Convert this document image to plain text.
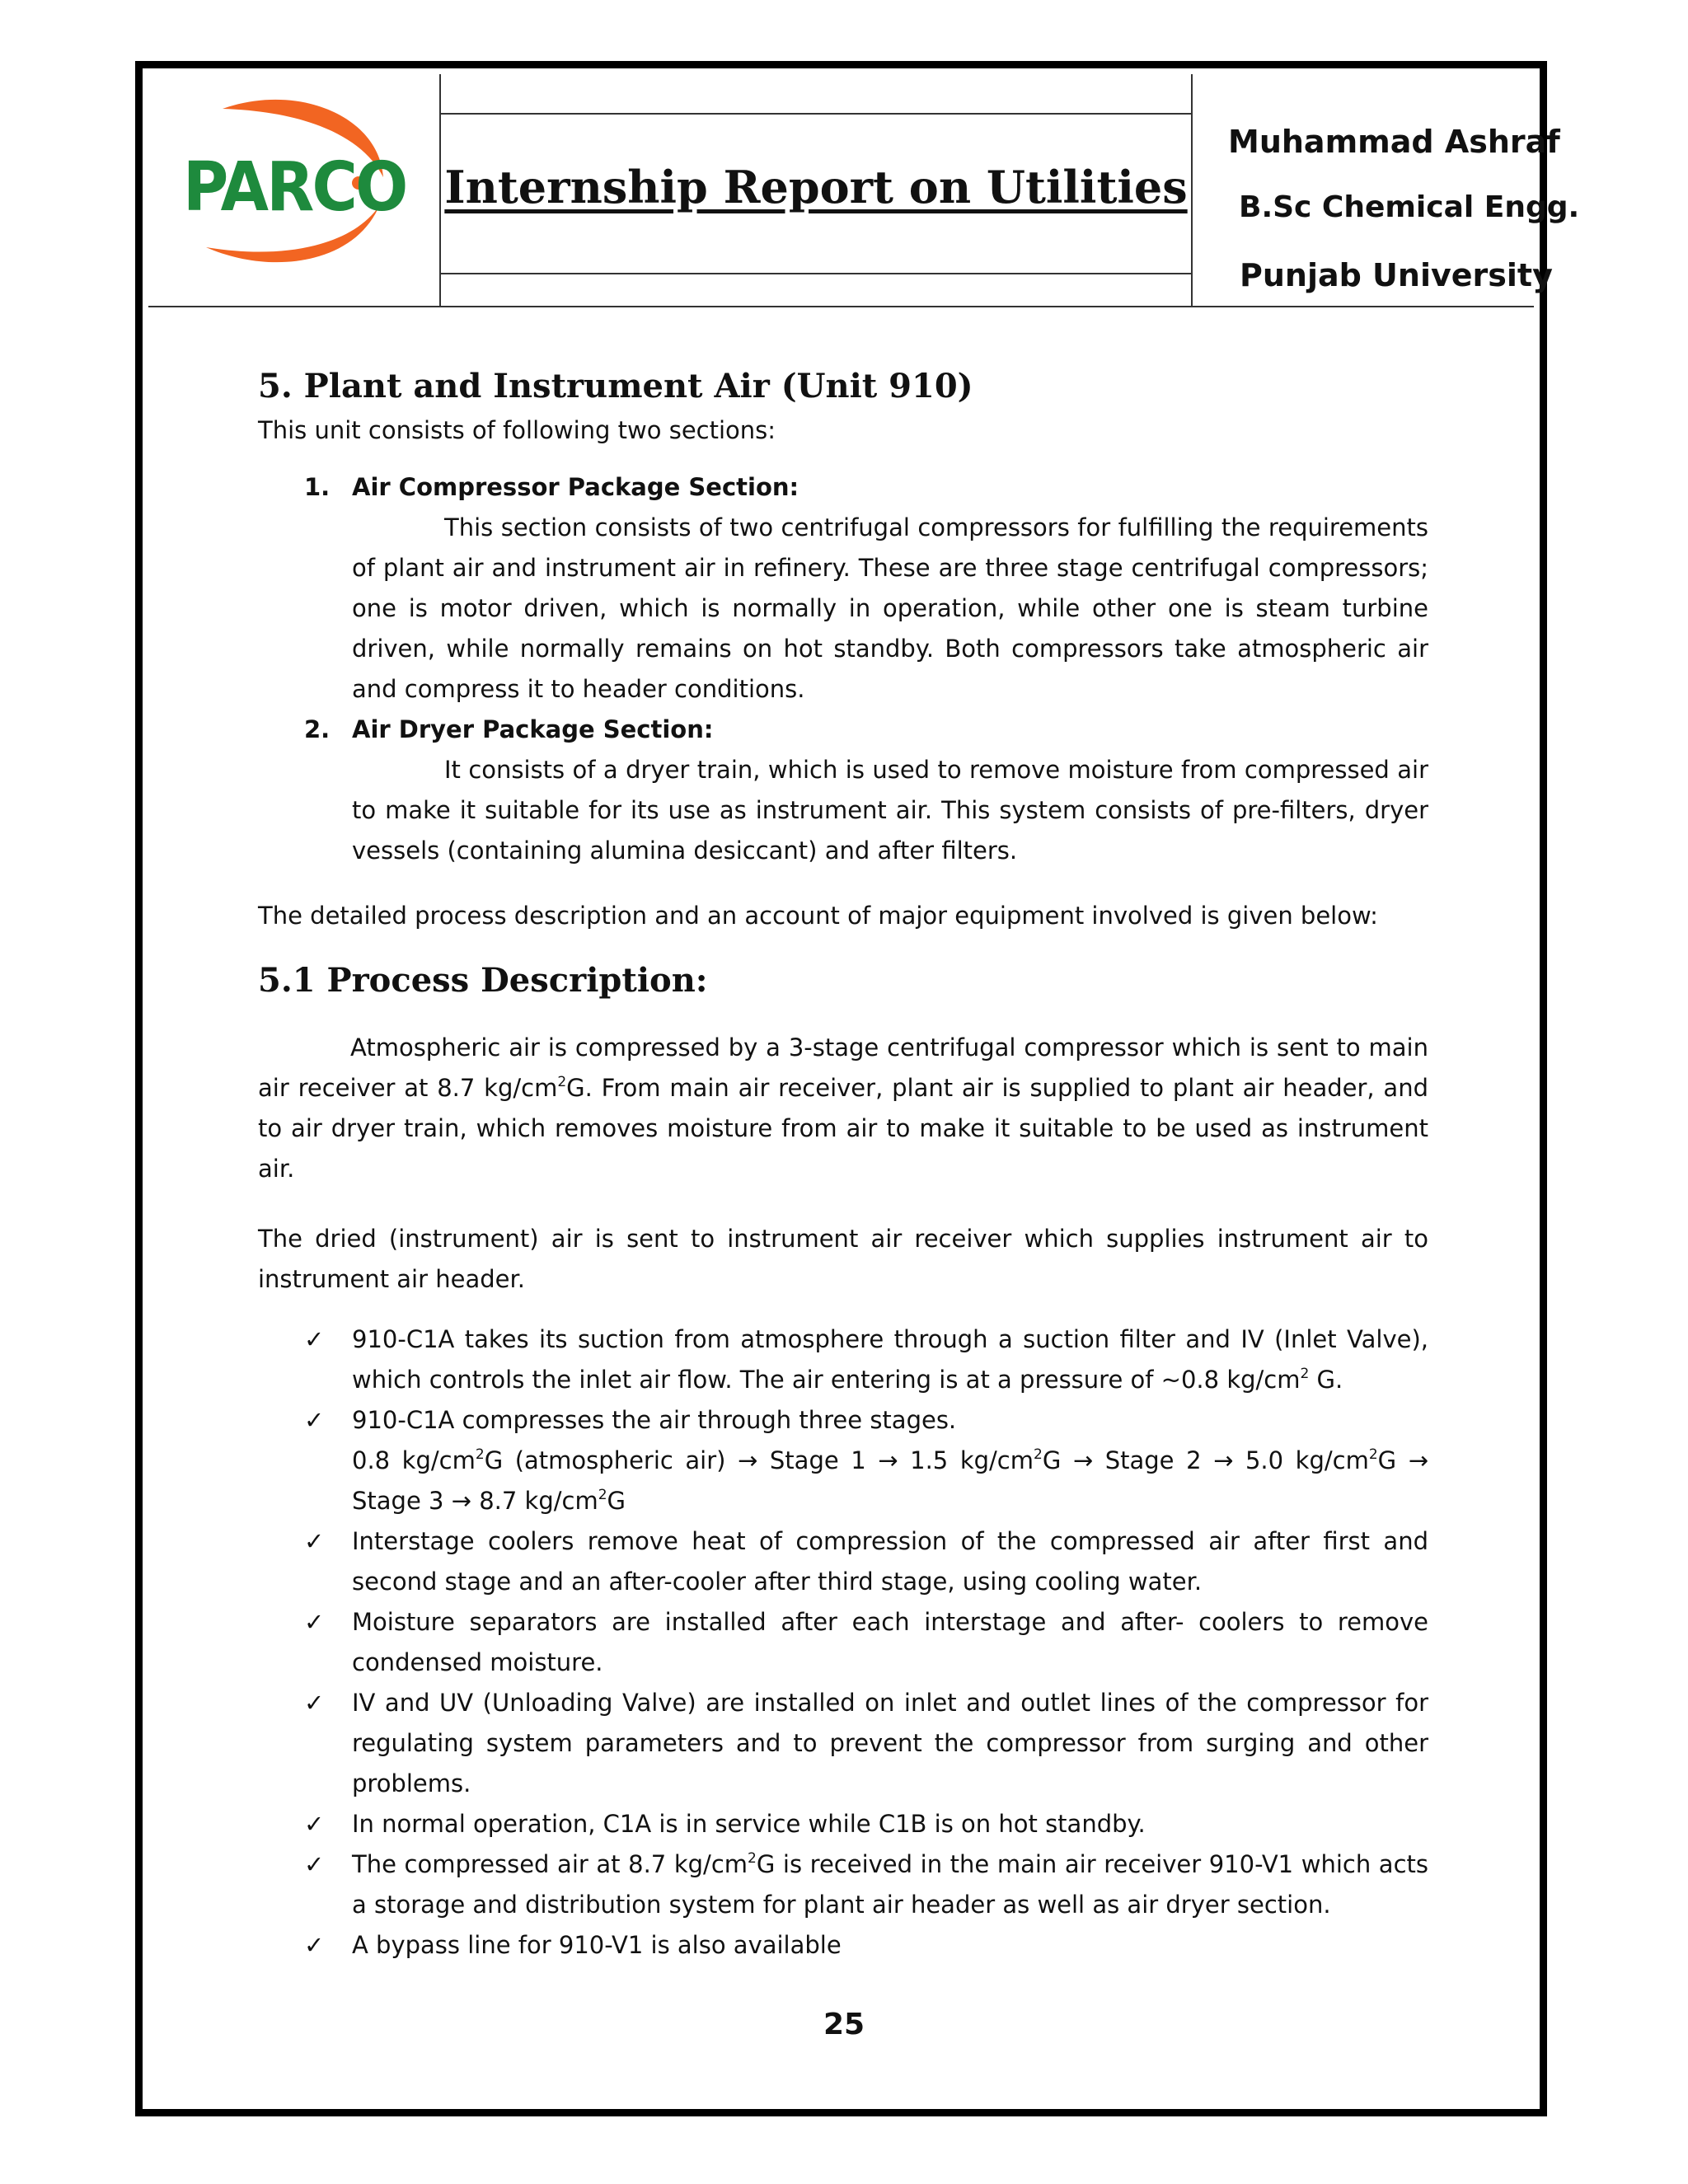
PARCO Internship Report on Utilities
Muhammad Ashraf
B.Sc Chemical Engg.
Punjab University
5. Plant and Instrument Air (Unit 910)

This unit consists of following two sections:

1. Air Compressor Package Section:
This section consists of two centrifugal compressors for fulfilling the requirements of plant air and instrument air in refinery. These are three stage centrifugal compressors; one is motor driven, which is normally in operation, while other one is steam turbine driven, while normally remains on hot standby. Both compressors take atmospheric air and compress it to header conditions.
2. Air Dryer Package Section:
It consists of a dryer train, which is used to remove moisture from compressed air to make it suitable for its use as instrument air. This system consists of pre-filters, dryer vessels (containing alumina desiccant) and after filters.

The detailed process description and an account of major equipment involved is given below:

5.1 Process Description:

Atmospheric air is compressed by a 3-stage centrifugal compressor which is sent to main air receiver at 8.7 $kg/cm^2G$. From main air receiver, plant air is supplied to plant air header, and to air dryer train, which removes moisture from air to make it suitable to be used as instrument air.

The dried (instrument) air is sent to instrument air receiver which supplies instrument air to instrument air header.

✓ 910-C1A takes its suction from atmosphere through a suction filter and IV (Inlet Valve), which controls the inlet air flow. The air entering is at a pressure of ~0.8 $kg/cm^2$ G.
✓ 910-C1A compresses the air through three stages.
0.8 $kg/cm^2G$ (atmospheric air) → Stage 1 → 1.5 $kg/cm^2G$ → Stage 2 → 5.0 $kg/cm^2G$ → Stage 3 → 8.7 $kg/cm^2G$
✓ Interstage coolers remove heat of compression of the compressed air after first and second stage and an after-cooler after third stage, using cooling water.
✓ Moisture separators are installed after each interstage and after- coolers to remove condensed moisture.
✓ IV and UV (Unloading Valve) are installed on inlet and outlet lines of the compressor for regulating system parameters and to prevent the compressor from surging and other problems.
✓ In normal operation, C1A is in service while C1B is on hot standby.
✓ The compressed air at 8.7 $kg/cm^2G$ is received in the main air receiver 910-V1 which acts a storage and distribution system for plant air header as well as air dryer section.
✓ A bypass line for 910-V1 is also available
25
